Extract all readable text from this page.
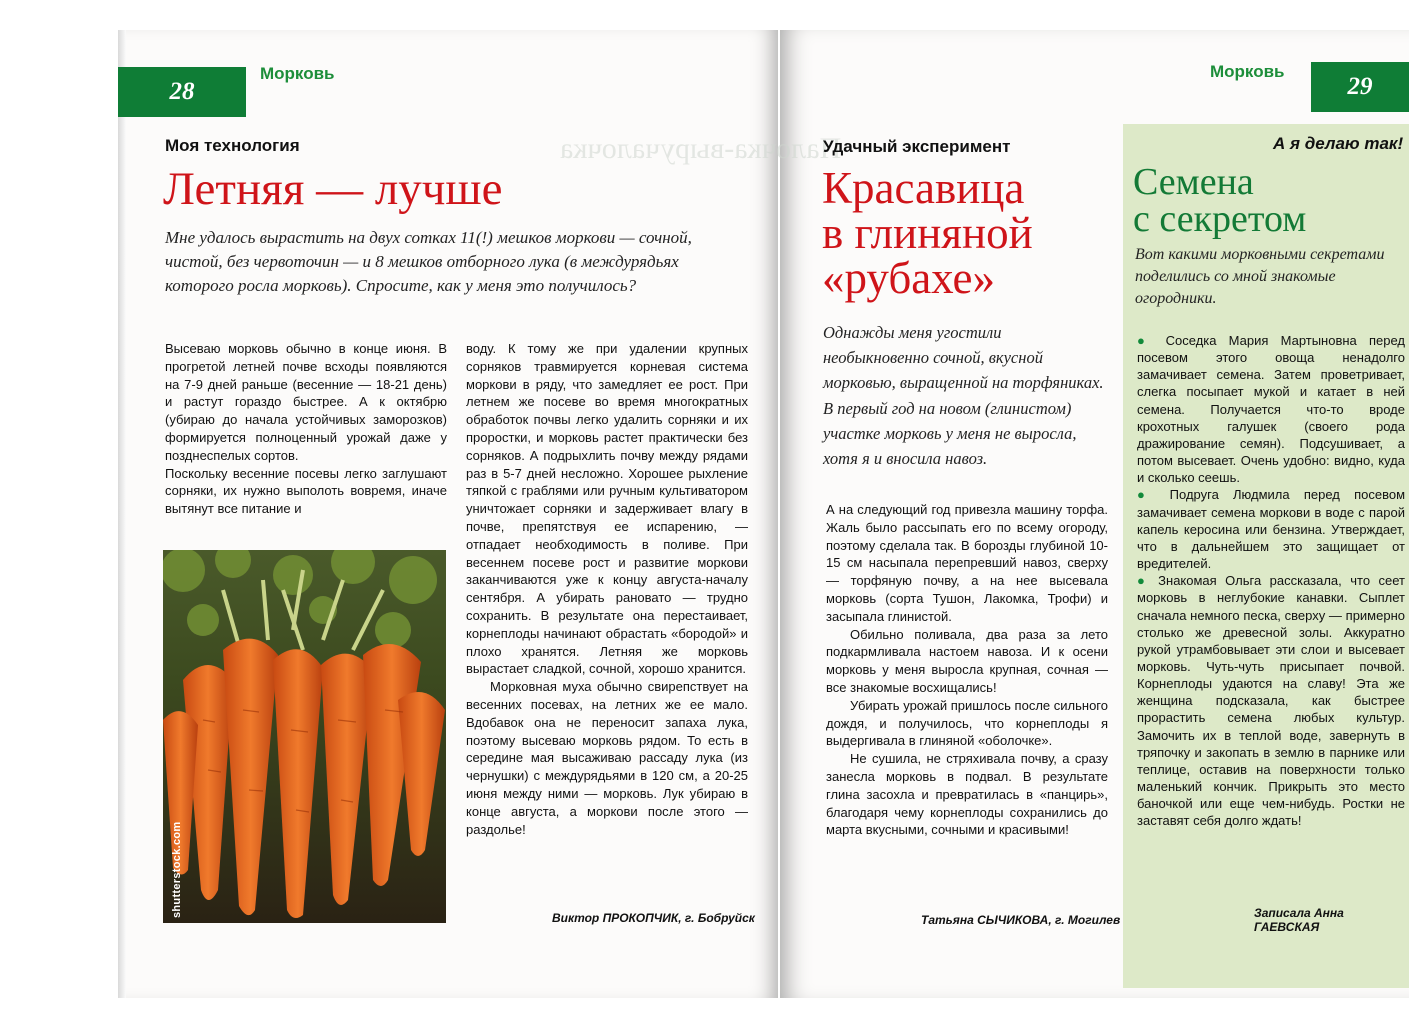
Палочка-выручалочка
28
Морковь
Моя технология
Летняя — лучше
Мне удалось вырастить на двух сотках 11(!) мешков моркови — сочной, чистой, без червоточин — и 8 мешков отборного лука (в междурядьях которого росла морковь). Спросите, как у меня это получилось?

Высеваю морковь обычно в конце июня. В прогретой летней почве всходы появляются на 7-9 дней раньше (весенние — 18-21 день) и растут гораздо быстрее. А к октябрю (убираю до начала устойчивых заморозков) формируется полноценный урожай даже у позднеспелых сортов.

Поскольку весенние посевы легко заглушают сорняки, их нужно выполоть вовремя, иначе вытянут все питание и

shutterstock.com

воду. К тому же при удалении крупных сорняков травмируется корневая система моркови в ряду, что замедляет ее рост. При летнем же посеве во время многократных обработок почвы легко удалить сорняки и их проростки, и морковь растет практически без сорняков. А подрыхлить почву между рядами раз в 5-7 дней несложно. Хорошее рыхление тяпкой с граблями или ручным культиватором уничтожает сорняки и задерживает влагу в почве, препятствуя ее испарению, — отпадает необходимость в поливе. При весеннем посеве рост и развитие моркови заканчиваются уже к концу августа-началу сентября. А убирать рановато — трудно сохранить. В результате она перестаивает, корнеплоды начинают обрастать «бородой» и плохо хранятся. Летняя же морковь вырастает сладкой, сочной, хорошо хранится.

Морковная муха обычно свирепствует на весенних посевах, на летних же ее мало. Вдобавок она не переносит запаха лука, поэтому высеваю морковь рядом. То есть в середине мая высаживаю рассаду лука (из чернушки) с междурядьями в 120 см, а 20-25 июня между ними — морковь. Лук убираю в конце августа, а моркови после этого — раздолье!

Виктор ПРОКОПЧИК, г. Бобруйск
Морковь
29
Удачный эксперимент
Красавица
в глиняной
«рубахе»
Однажды меня угостили необыкновенно сочной, вкусной морковью, выращенной на торфяниках. В первый год на новом (глинистом) участке морковь у меня не выросла, хотя я и вносила навоз.

А на следующий год привезла машину торфа. Жаль было рассыпать его по всему огороду, поэтому сделала так. В борозды глубиной 10-15 см насыпала перепревший навоз, сверху — торфяную почву, а на нее высевала морковь (сорта Тушон, Лакомка, Трофи) и засыпала глинистой.

Обильно поливала, два раза за лето подкармливала настоем навоза. И к осени морковь у меня выросла крупная, сочная — все знакомые восхищались!

Убирать урожай пришлось после сильного дождя, и получилось, что корнеплоды я выдергивала в глиняной «оболочке».

Не сушила, не стряхивала почву, а сразу занесла морковь в подвал. В результате глина засохла и превратилась в «панцирь», благодаря чему корнеплоды сохранились до марта вкусными, сочными и красивыми!

Татьяна СЫЧИКОВА, г. Могилев
А я делаю так!
Семена
с секретом
Вот какими морковными секретами поделились со мной знакомые огородники.

● Соседка Мария Мартыновна перед посевом этого овоща ненадолго замачивает семена. Затем проветривает, слегка посыпает мукой и катает в ней семена. Получается что-то вроде крохотных галушек (своего рода дражирование семян). Подсушивает, а потом высевает. Очень удобно: видно, куда и сколько сеешь.

● Подруга Людмила перед посевом замачивает семена моркови в воде с парой капель керосина или бензина. Утверждает, что в дальнейшем это защищает от вредителей.

● Знакомая Ольга рассказала, что сеет морковь в неглубокие канавки. Сыплет сначала немного песка, сверху — примерно столько же древесной золы. Аккуратно рукой утрамбовывает эти слои и высевает морковь. Чуть-чуть присыпает почвой. Корнеплоды удаются на славу! Эта же женщина подсказала, как быстрее прорастить семена любых культур. Замочить их в теплой воде, завернуть в тряпочку и закопать в землю в парнике или теплице, оставив на поверхности только маленький кончик. Прикрыть это место баночкой или еще чем-нибудь. Ростки не заставят себя долго ждать!

Записала Анна ГАЕВСКАЯ
